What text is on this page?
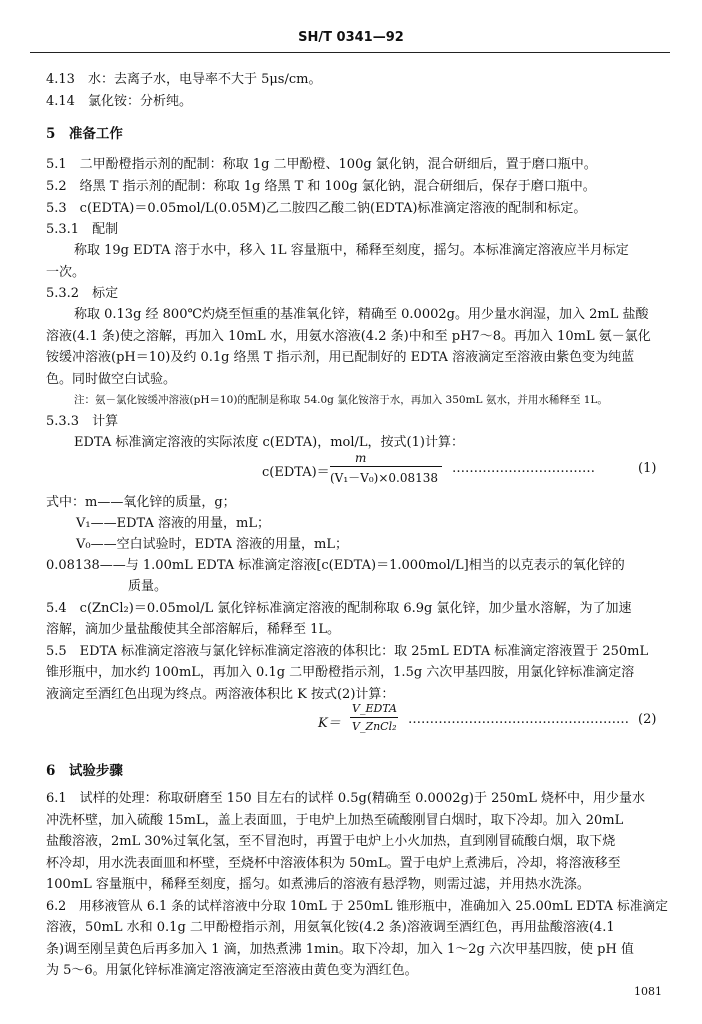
SH/T 0341—92
4.13　水：去离子水，电导率不大于 5μs/cm。
4.14　氯化铵：分析纯。
5　准备工作
5.1　二甲酚橙指示剂的配制：称取 1g 二甲酚橙、100g 氯化钠，混合研细后，置于磨口瓶中。
5.2　络黑 T 指示剂的配制：称取 1g 络黑 T 和 100g 氯化钠，混合研细后，保存于磨口瓶中。
5.3　c(EDTA)＝0.05mol/L(0.05M)乙二胺四乙酸二钠(EDTA)标准滴定溶液的配制和标定。
5.3.1　配制
称取 19g EDTA 溶于水中，移入 1L 容量瓶中，稀释至刻度，摇匀。本标准滴定溶液应半月标定
一次。
5.3.2　标定
称取 0.13g 经 800℃灼烧至恒重的基准氧化锌，精确至 0.0002g。用少量水润湿，加入 2mL 盐酸
溶液(4.1 条)使之溶解，再加入 10mL 水，用氨水溶液(4.2 条)中和至 pH7～8。再加入 10mL 氨－氯化
铵缓冲溶液(pH＝10)及约 0.1g 络黑 T 指示剂，用已配制好的 EDTA 溶液滴定至溶液由紫色变为纯蓝
色。同时做空白试验。
注：氨－氯化铵缓冲溶液(pH＝10)的配制是称取 54.0g 氯化铵溶于水，再加入 350mL 氨水，并用水稀释至 1L。
5.3.3　计算
EDTA 标准滴定溶液的实际浓度 c(EDTA)，mol/L，按式(1)计算：
c(EDTA)＝
m
(V₁－V₀)×0.08138
……………………………	(1)
式中：m——氧化锌的质量，g；
V₁——EDTA 溶液的用量，mL；
V₀——空白试验时，EDTA 溶液的用量，mL；
0.08138——与 1.00mL EDTA 标准滴定溶液[c(EDTA)＝1.000mol/L]相当的以克表示的氧化锌的
质量。
5.4　c(ZnCl₂)＝0.05mol/L 氯化锌标准滴定溶液的配制称取 6.9g 氯化锌，加少量水溶解，为了加速
溶解，滴加少量盐酸使其全部溶解后，稀释至 1L。
5.5　EDTA 标准滴定溶液与氯化锌标准滴定溶液的体积比：取 25mL EDTA 标准滴定溶液置于 250mL
锥形瓶中，加水约 100mL，再加入 0.1g 二甲酚橙指示剂，1.5g 六次甲基四胺，用氯化锌标准滴定溶
液滴定至酒红色出现为终点。两溶液体积比 K 按式(2)计算：
K＝
V_EDTA
V_ZnCl₂ …………………………………………… (2)
6　试验步骤
6.1　试样的处理：称取研磨至 150 目左右的试样 0.5g(精确至 0.0002g)于 250mL 烧杯中，用少量水
冲洗杯壁，加入硫酸 15mL，盖上表面皿，于电炉上加热至硫酸刚冒白烟时，取下冷却。加入 20mL
盐酸溶液，2mL 30%过氧化氢，至不冒泡时，再置于电炉上小火加热，直到刚冒硫酸白烟，取下烧
杯冷却，用水洗表面皿和杯壁，至烧杯中溶液体积为 50mL。置于电炉上煮沸后，冷却，将溶液移至
100mL 容量瓶中，稀释至刻度，摇匀。如煮沸后的溶液有悬浮物，则需过滤，并用热水洗涤。
6.2　用移液管从 6.1 条的试样溶液中分取 10mL 于 250mL 锥形瓶中，准确加入 25.00mL EDTA 标准滴定
溶液，50mL 水和 0.1g 二甲酚橙指示剂，用氨氧化铵(4.2 条)溶液调至酒红色，再用盐酸溶液(4.1
条)调至刚呈黄色后再多加入 1 滴，加热煮沸 1min。取下冷却，加入 1～2g 六次甲基四胺，使 pH 值
为 5～6。用氯化锌标准滴定溶液滴定至溶液由黄色变为酒红色。
1081
